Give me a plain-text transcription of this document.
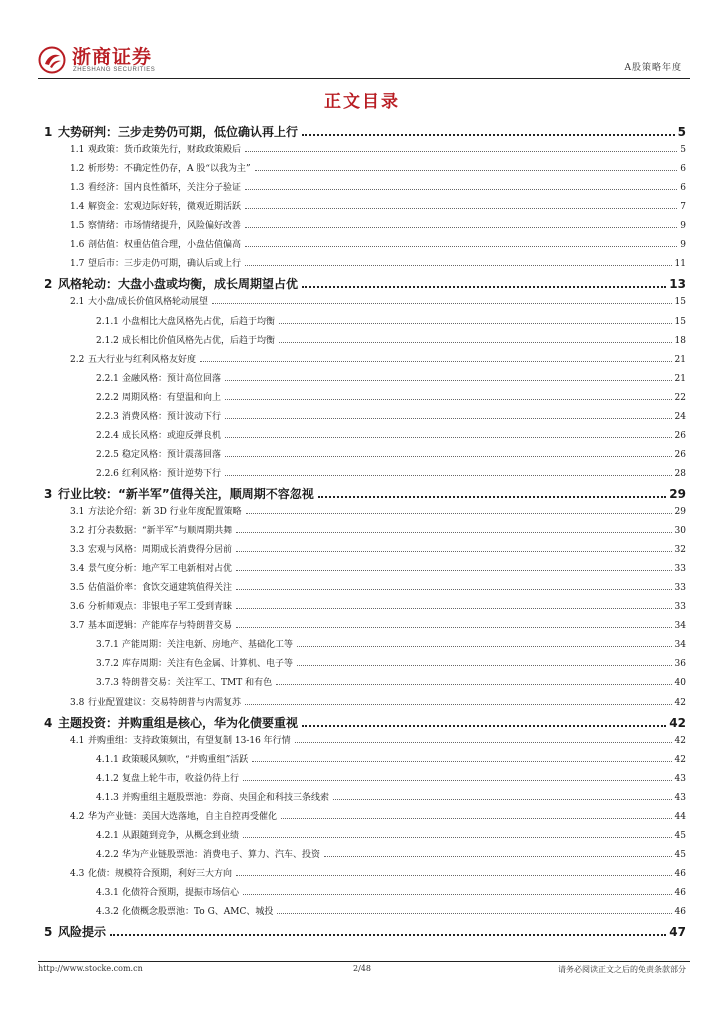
浙商证券
ZHESHANG SECURITIES	A股策略年度
正文目录
1 大势研判：三步走势仍可期，低位确认再上行	5
1.1 观政策：货币政策先行，财政政策殿后	5
1.2 析形势：不确定性仍存，A 股“以我为主”	6
1.3 看经济：国内良性循环，关注分子验证	6
1.4 解资金：宏观边际好转，微观近期活跃	7
1.5 察情绪：市场情绪提升，风险偏好改善	9
1.6 剖估值：权重估值合理，小盘估值偏高	9
1.7 望后市：三步走仍可期，确认后或上行	11
2 风格轮动：大盘小盘或均衡，成长周期望占优	13
2.1 大小盘/成长价值风格轮动展望	15
2.1.1 小盘相比大盘风格先占优，后趋于均衡	15
2.1.2 成长相比价值风格先占优，后趋于均衡	18
2.2 五大行业与红利风格友好度	21
2.2.1 金融风格：预计高位回落	21
2.2.2 周期风格：有望温和向上	22
2.2.3 消费风格：预计波动下行	24
2.2.4 成长风格：或迎反弹良机	26
2.2.5 稳定风格：预计震荡回落	26
2.2.6 红利风格：预计逆势下行	28
3 行业比较：“新半军”值得关注，顺周期不容忽视	29
3.1 方法论介绍：新 3D 行业年度配置策略	29
3.2 打分表数据：“新半军”与顺周期共舞	30
3.3 宏观与风格：周期成长消费得分居前	32
3.4 景气度分析：地产军工电新相对占优	33
3.5 估值溢价率：食饮交通建筑值得关注	33
3.6 分析师观点：非银电子军工受到青睐	33
3.7 基本面逻辑：产能库存与特朗普交易	34
3.7.1 产能周期：关注电新、房地产、基础化工等	34
3.7.2 库存周期：关注有色金属、计算机、电子等	36
3.7.3 特朗普交易：关注军工、TMT 和有色	40
3.8 行业配置建议：交易特朗普与内需复苏	42
4 主题投资：并购重组是核心，华为化债要重视	42
4.1 并购重组：支持政策频出，有望复制 13-16 年行情	42
4.1.1 政策暖风频吹，“并购重组”活跃	42
4.1.2 复盘上轮牛市，收益仍待上行	43
4.1.3 并购重组主题股票池：券商、央国企和科技三条线索	43
4.2 华为产业链：美国大选落地，自主自控再受催化	44
4.2.1 从跟随到竞争，从概念到业绩	45
4.2.2 华为产业链股票池：消费电子、算力、汽车、投资	45
4.3 化债：规模符合预期，利好三大方向	46
4.3.1 化债符合预期，提振市场信心	46
4.3.2 化债概念股票池：To G、AMC、城投	46
5 风险提示	47
http://www.stocke.com.cn	2/48	请务必阅读正文之后的免责条款部分
